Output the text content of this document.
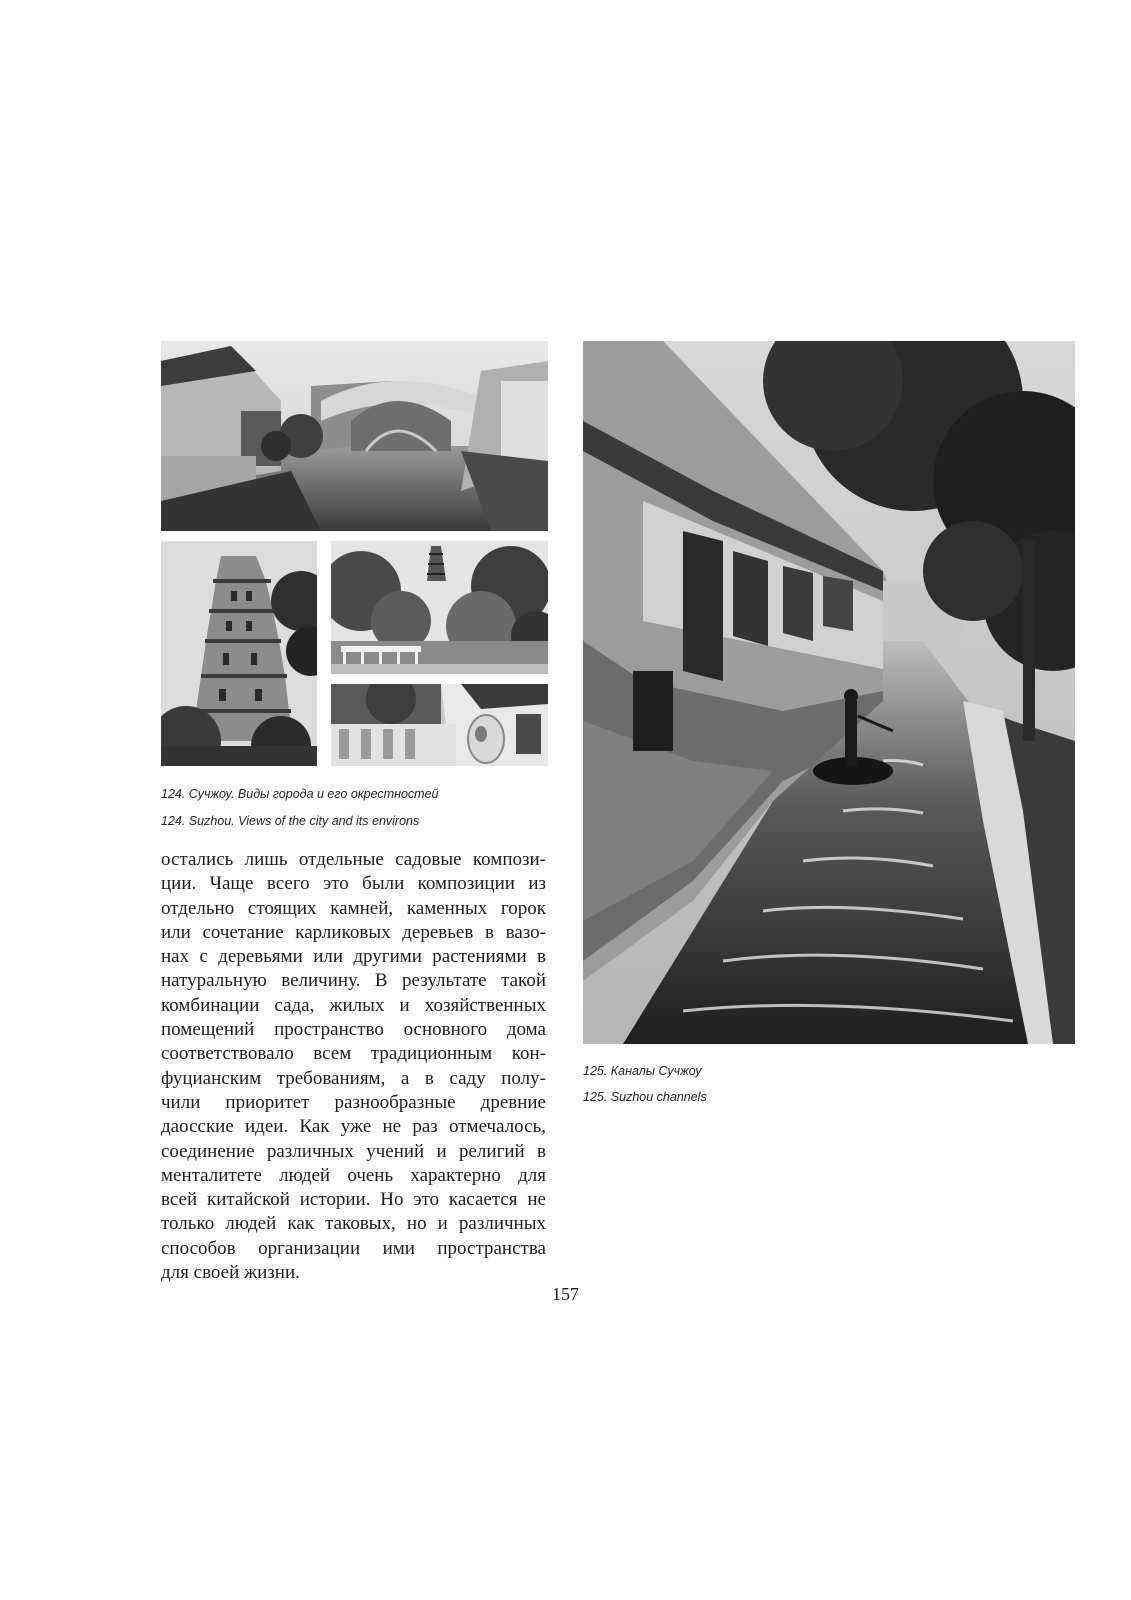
124. Сучжоу. Виды города и его окрестностей

124. Suzhou. Views of the city and its environs

125. Каналы Сучжоу

125. Suzhou channels

остались лишь отдельные садовые компози-
ции. Чаще всего это были композиции из
отдельно стоящих камней, каменных горок
или сочетание карликовых деревьев в вазо-
нах с деревьями или другими растениями в
натуральную величину. В результате такой
комбинации сада, жилых и хозяйственных
помещений пространство основного дома
соответствовало всем традиционным кон-
фуцианским требованиям, а в саду полу-
чили приоритет разнообразные древние
даосские идеи. Как уже не раз отмечалось,
соединение различных учений и религий в
менталитете людей очень характерно для
всей китайской истории. Но это касается не
только людей как таковых, но и различных
способов организации ими пространства
для своей жизни.

157
